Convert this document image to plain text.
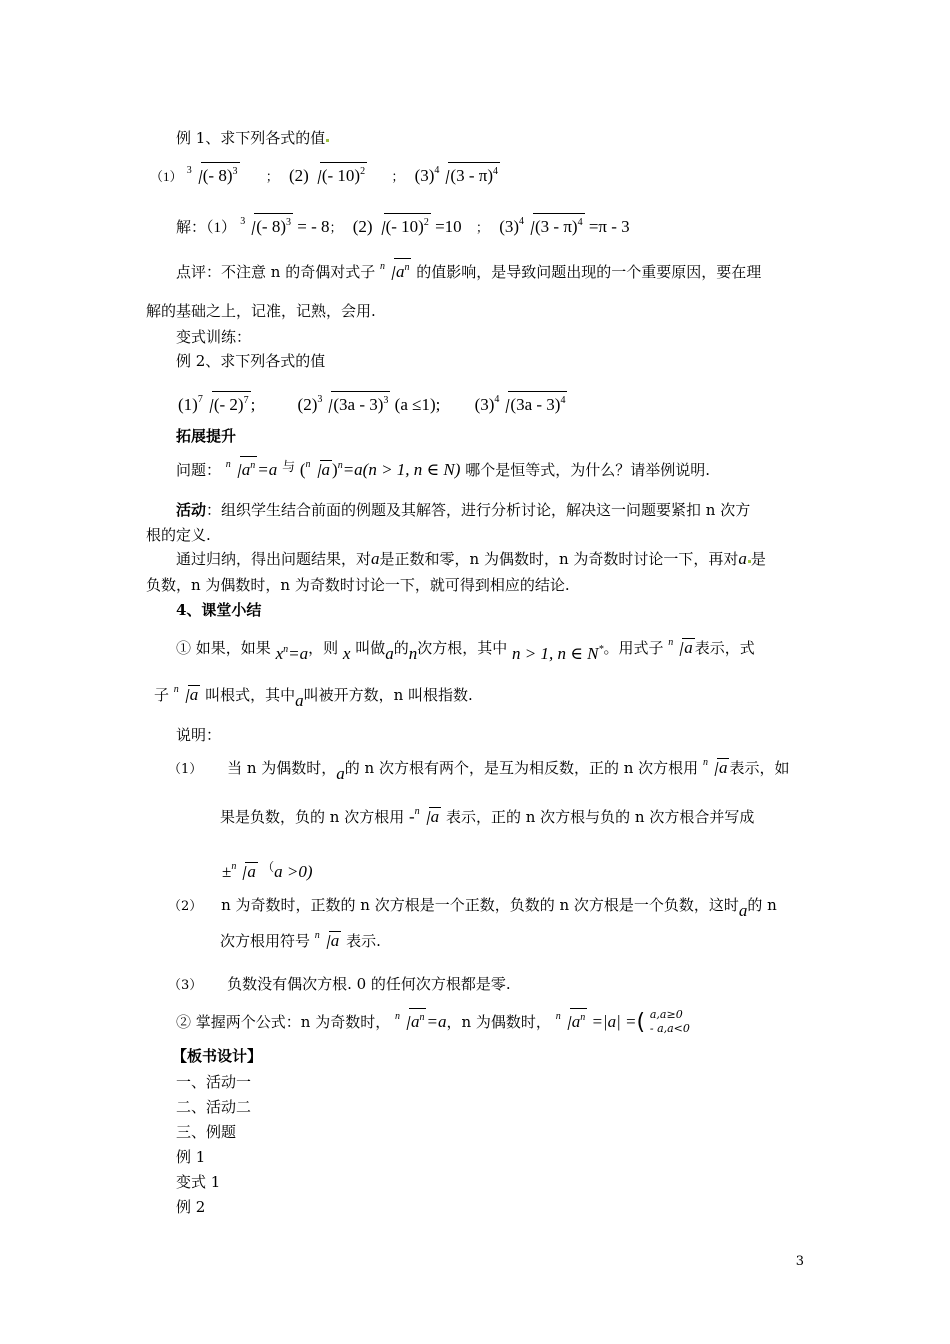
例 1、求下列各式的值
（1） $^3$ (- 8)$^3$ ； (2) (- 10)$^2$ ； $(3)^4$ (3 - π)$^4$
解：（1） $^3$ (- 8)$^3$ = - 8； (2) (- 10)$^2$ =10 ； $(3)^4$ (3 - π)$^4$ =π - 3
点评：不注意 n 的奇偶对式子 $^n$ $a^n$ 的值影响，是导致问题出现的一个重要原因，要在理
解的基础之上，记准，记熟，会用.
变式训练：
例 2、求下列各式的值
$(1)^7$ (- 2)$^7$ ; $(2)^3$ (3a - 3)$^3$ (a ≤1); $(3)^4$ (3a - 3)$^4$
拓展提升
问题： $^n$ $a^n =a$ 与 ($^n$ a )$^n$=a(n > 1, n ∈ N) 哪个是恒等式，为什么？请举例说明.
活动：组织学生结合前面的例题及其解答，进行分析讨论，解决这一问题要紧扣 n 次方
根的定义.
通过归纳，得出问题结果，对a是正数和零，n 为偶数时，n 为奇数时讨论一下，再对a 是
负数，n 为偶数时，n 为奇数时讨论一下，就可得到相应的结论.
4、课堂小结
① 如果，如果 $x^n=a$，则 x 叫做a的n次方根，其中 n > 1, n ∈ N*。用式子 $^n$ a 表示，式
子 $^n$ a 叫根式，其中a叫被开方数，n 叫根指数.
说明：
（1） 当 n 为偶数时，a的 n 次方根有两个，是互为相反数，正的 n 次方根用 $^n$ a 表示，如
果是负数，负的 n 次方根用 -$^n$ a 表示，正的 n 次方根与负的 n 次方根合并写成
±$^n$ a （a >0)
（2） n 为奇数时，正数的 n 次方根是一个正数，负数的 n 次方根是一个负数，这时a的 n
次方根用符号 $^n$ a 表示.
（3） 负数没有偶次方根. 0 的任何次方根都是零.
② 掌握两个公式：n 为奇数时， $^n$ $a^n =a$，n 为偶数时， $^n$ $a^n =|a|$ =( a,a≥0
- a,a<0
【板书设计】
一、活动一
二、活动二
三、例题
例 1
变式 1
例 2
3
